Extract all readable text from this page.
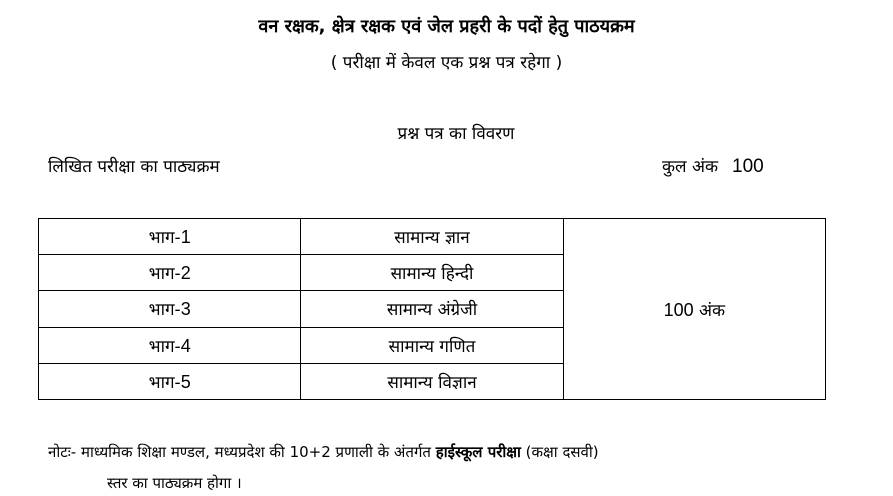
वन रक्षक, क्षेत्र रक्षक एवं जेल प्रहरी के पदों हेतु पाठयक्रम
( परीक्षा में केवल एक प्रश्न पत्र रहेगा )
प्रश्न पत्र का विवरण
लिखित परीक्षा का पाठ्यक्रम	कुल अंक 100
भाग-1	सामान्य ज्ञान	100 अंक
भाग-2	सामान्य हिन्दी	
भाग-3	सामान्य अंग्रेजी	
भाग-4	सामान्य गणित	
भाग-5	सामान्य विज्ञान	
नोटः- माध्यमिक शिक्षा मण्डल, मध्यप्रदेश की 10+2 प्रणाली के अंतर्गत हाईस्कूल परीक्षा (कक्षा दसवी)
स्तर का पाठ्यक्रम होगा ।
